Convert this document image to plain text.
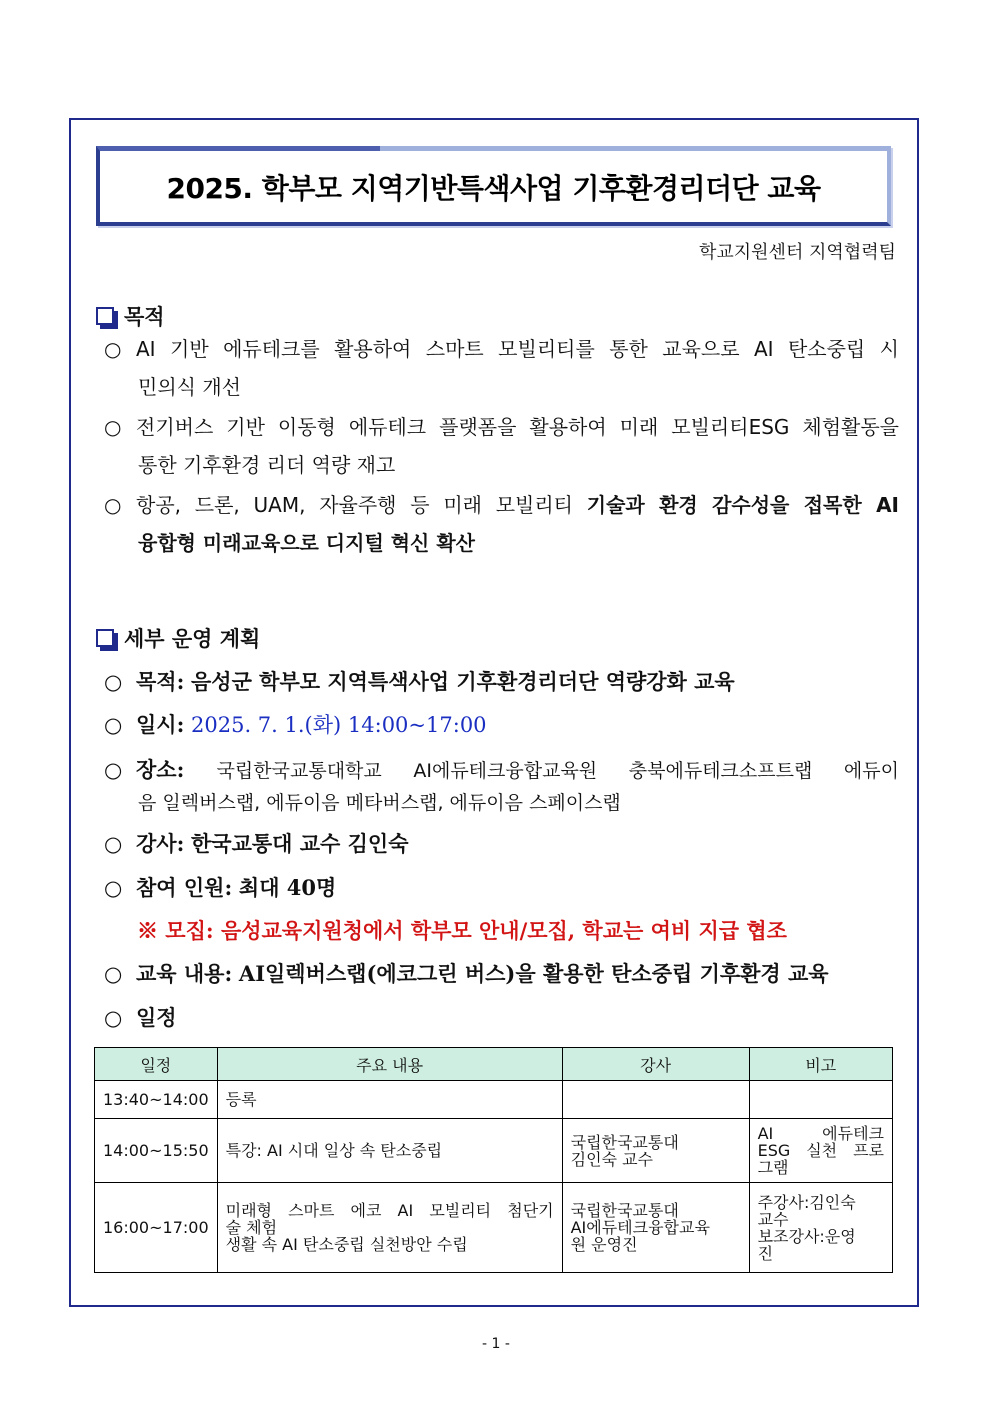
2025. 학부모 지역기반특색사업 기후환경리더단 교육
학교지원센터 지역협력팀
목적
○ AI 기반 에듀테크를 활용하여 스마트 모빌리티를 통한 교육으로 AI 탄소중립 시
민의식 개선
○ 전기버스 기반 이동형 에듀테크 플랫폼을 활용하여 미래 모빌리티ESG 체험활동을
통한 기후환경 리더 역량 재고
○ 항공, 드론, UAM, 자율주행 등 미래 모빌리티 기술과 환경 감수성을 접목한 AI
융합형 미래교육으로 디지털 혁신 확산
세부 운영 계획
○ 목적: 음성군 학부모 지역특색사업 기후환경리더단 역량강화 교육
○ 일시: 2025. 7. 1.(화) 14:00~17:00
○ 장소: 국립한국교통대학교 AI에듀테크융합교육원 충북에듀테크소프트랩 에듀이
음 일렉버스랩, 에듀이음 메타버스랩, 에듀이음 스페이스랩
○ 강사: 한국교통대 교수 김인숙
○ 참여 인원: 최대 40명
※ 모집: 음성교육지원청에서 학부모 안내/모집, 학교는 여비 지급 협조
○ 교육 내용: AI일렉버스랩(에코그린 버스)을 활용한 탄소중립 기후환경 교육
○ 일정
일정	주요 내용	강사	비고
13:40~14:00	등록		

14:00~15:50	특강: AI 시대 일상 속 탄소중립	국립한국교통대
김인숙 교수	AI 에듀테크
ESG 실천 프로
그램

16:00~17:00	미래형 스마트 에코 AI 모빌리티 첨단기
술 체험
생활 속 AI 탄소중립 실천방안 수립	국립한국교통대
AI에듀테크융합교육
원 운영진	주강사:김인숙
교수
보조강사:운영
진
- 1 -
